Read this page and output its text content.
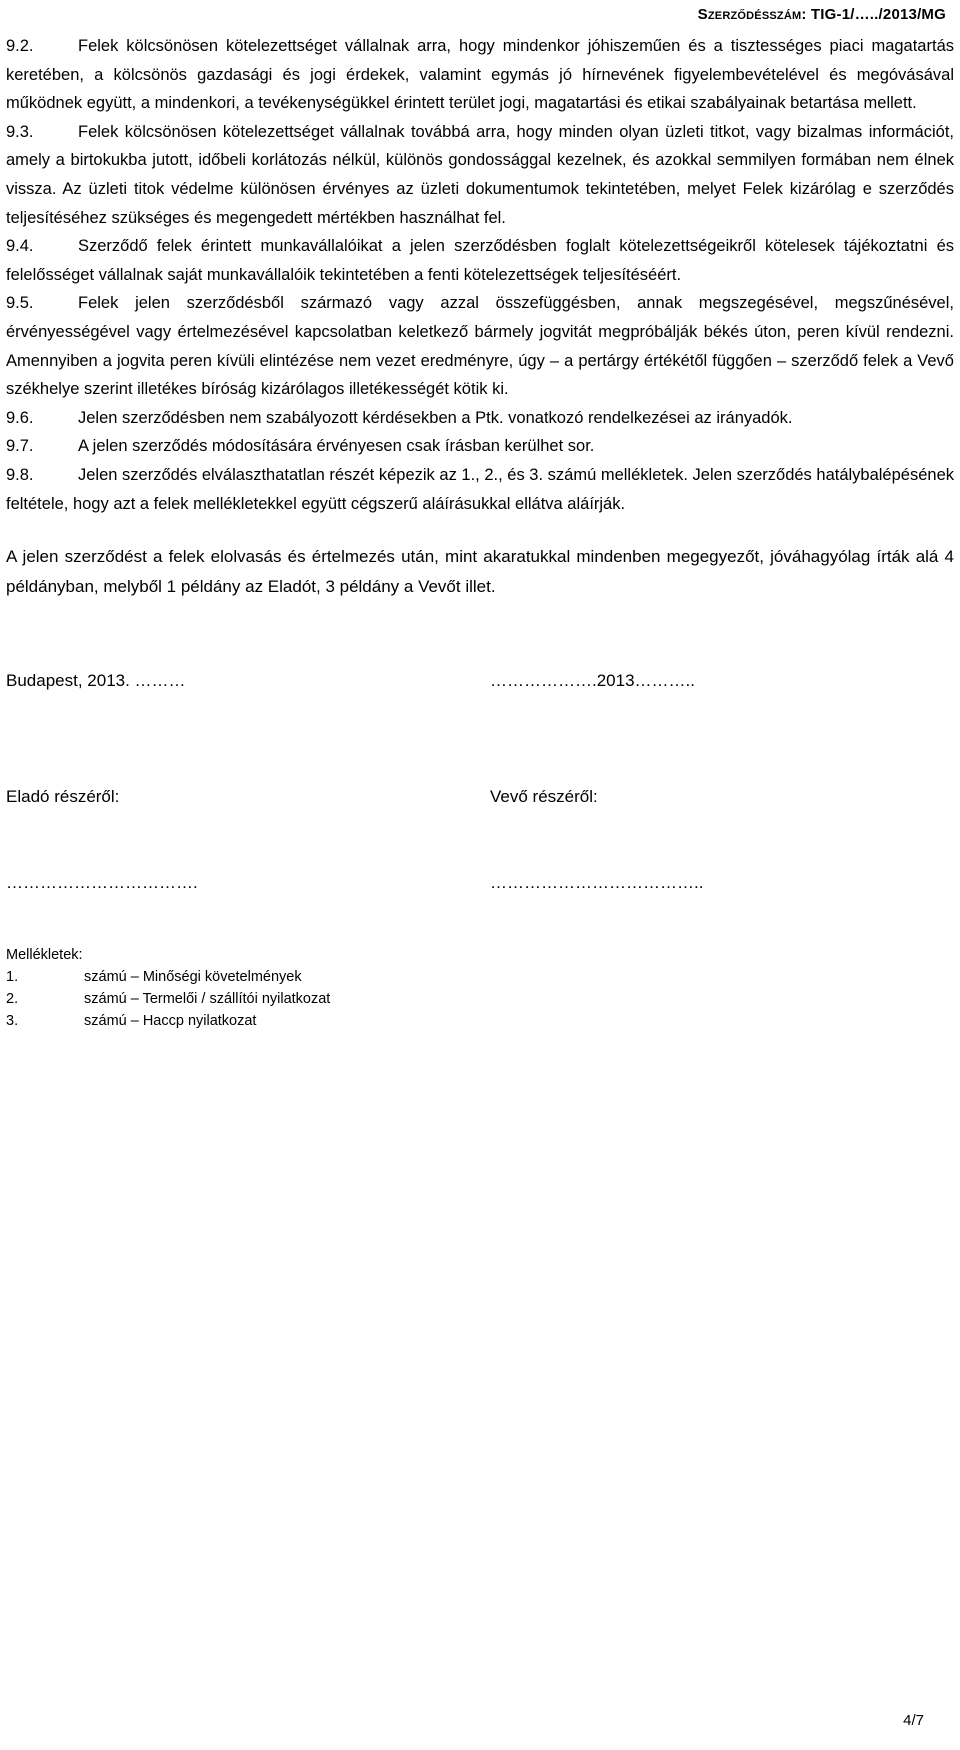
Szerződésszám: TIG-1/…../2013/MG

9.2.	Felek kölcsönösen kötelezettséget vállalnak arra, hogy mindenkor jóhiszeműen és a tisztességes piaci magatartás keretében, a kölcsönös gazdasági és jogi érdekek, valamint egymás jó hírnevének figyelembevételével és megóvásával működnek együtt, a mindenkori, a tevékenységükkel érintett terület jogi, magatartási és etikai szabályainak betartása mellett.

9.3.	Felek kölcsönösen kötelezettséget vállalnak továbbá arra, hogy minden olyan üzleti titkot, vagy bizalmas információt, amely a birtokukba jutott, időbeli korlátozás nélkül, különös gondossággal kezelnek, és azokkal semmilyen formában nem élnek vissza. Az üzleti titok védelme különösen érvényes az üzleti dokumentumok tekintetében, melyet Felek kizárólag e szerződés teljesítéséhez szükséges és megengedett mértékben használhat fel.

9.4.	Szerződő felek érintett munkavállalóikat a jelen szerződésben foglalt kötelezettségeikről kötelesek tájékoztatni és felelősséget vállalnak saját munkavállalóik tekintetében a fenti kötelezettségek teljesítéséért.

9.5.	Felek jelen szerződésből származó vagy azzal összefüggésben, annak megszegésével, megszűnésével, érvényességével vagy értelmezésével kapcsolatban keletkező bármely jogvitát megpróbálják békés úton, peren kívül rendezni. Amennyiben a jogvita peren kívüli elintézése nem vezet eredményre, úgy – a pertárgy értékétől függően – szerződő felek a Vevő székhelye szerint illetékes bíróság kizárólagos illetékességét kötik ki.

9.6.	Jelen szerződésben nem szabályozott kérdésekben a Ptk. vonatkozó rendelkezései az irányadók.

9.7.	A jelen szerződés módosítására érvényesen csak írásban kerülhet sor.

9.8.	Jelen szerződés elválaszthatatlan részét képezik az 1., 2., és 3. számú mellékletek. Jelen szerződés hatálybalépésének feltétele, hogy azt a felek mellékletekkel együtt cégszerű aláírásukkal ellátva aláírják.

A jelen szerződést a felek elolvasás és értelmezés után, mint akaratukkal mindenben megegyezőt, jóváhagyólag írták alá 4 példányban, melyből 1 példány az Eladót, 3 példány a Vevőt illet.

Budapest, 2013. ………	……………….2013………..
Eladó részéről:	Vevő részéről:
…………………………….	………………………………..
Mellékletek:
1.	számú – Minőségi követelmények
2.	számú – Termelői / szállítói nyilatkozat
3.	számú – Haccp nyilatkozat
4/7
